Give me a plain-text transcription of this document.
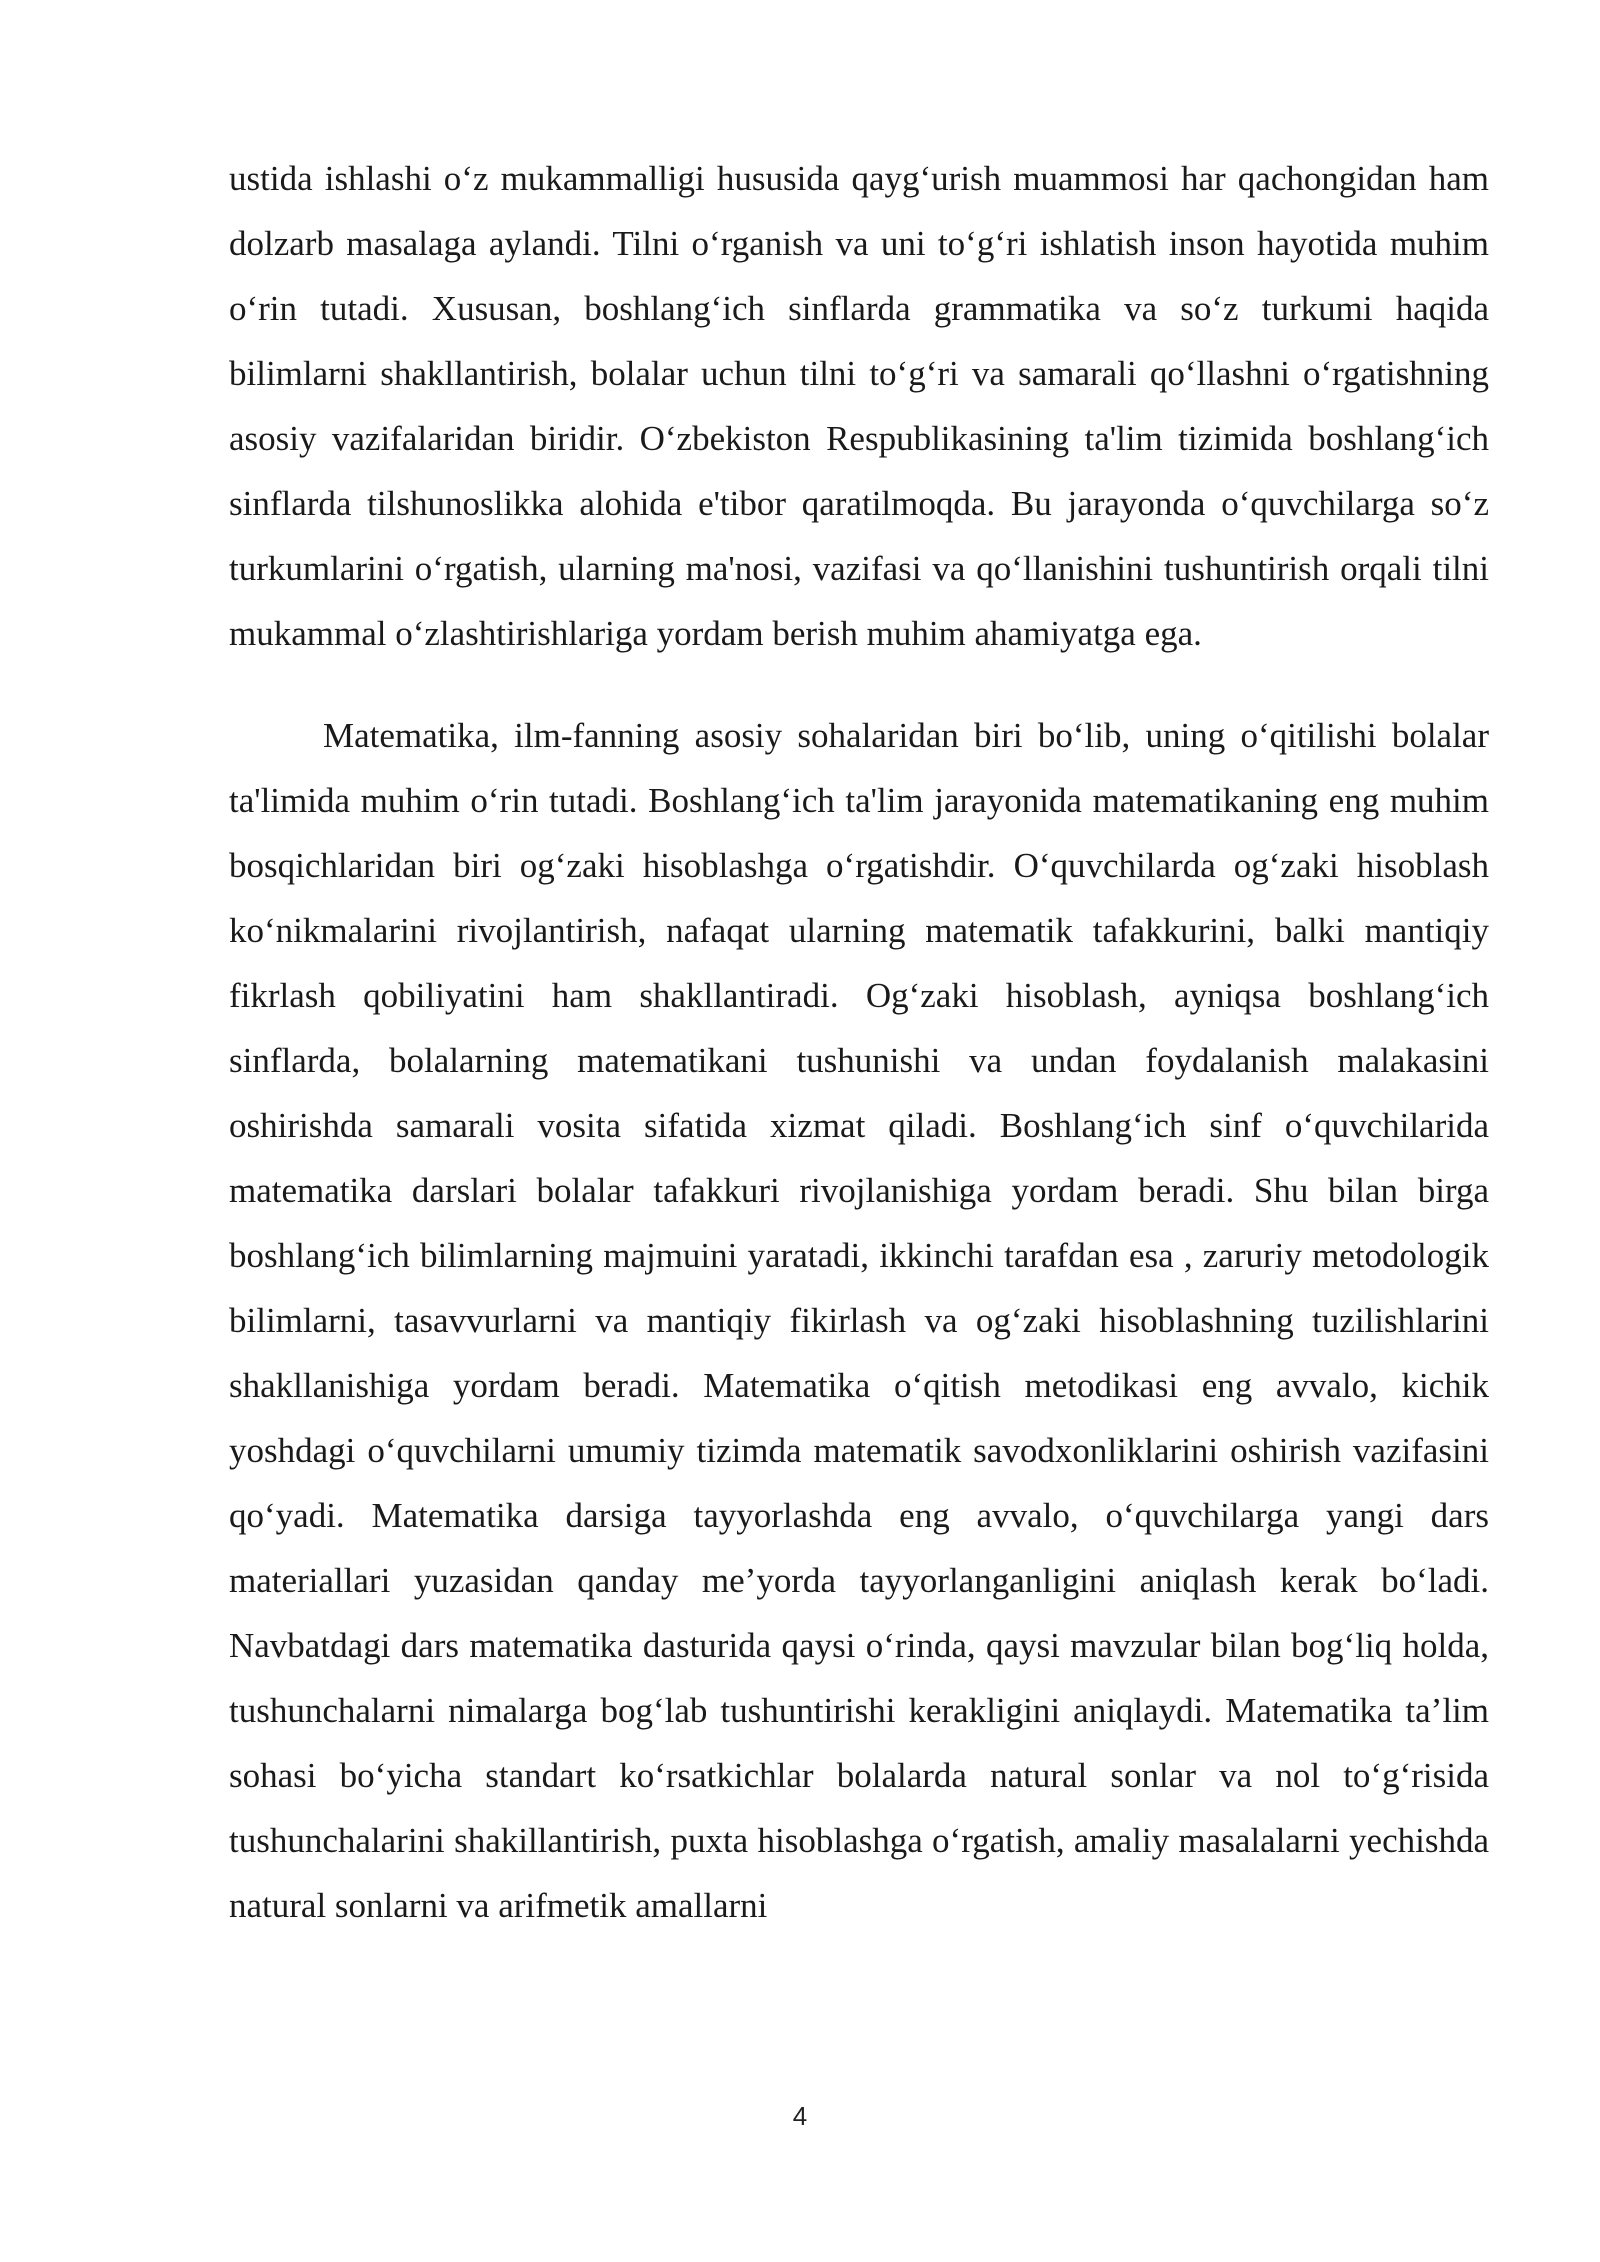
ustida ishlashi o‘z mukammalligi hususida qayg‘urish muammosi har qachongidan ham dolzarb masalaga aylandi. Tilni o‘rganish va uni to‘g‘ri ishlatish inson hayotida muhim o‘rin tutadi. Xususan, boshlang‘ich sinflarda grammatika va so‘z turkumi haqida bilimlarni shakllantirish, bolalar uchun tilni to‘g‘ri va samarali qo‘llashni o‘rgatishning asosiy vazifalaridan biridir. O‘zbekiston Respublikasining ta'lim tizimida boshlang‘ich sinflarda tilshunoslikka alohida e'tibor qaratilmoqda. Bu jarayonda o‘quvchilarga so‘z turkumlarini o‘rgatish, ularning ma'nosi, vazifasi va qo‘llanishini tushuntirish orqali tilni mukammal o‘zlashtirishlariga yordam berish muhim ahamiyatga ega.

Matematika, ilm-fanning asosiy sohalaridan biri bo‘lib, uning o‘qitilishi bolalar ta'limida muhim o‘rin tutadi. Boshlang‘ich ta'lim jarayonida matematikaning eng muhim bosqichlaridan biri og‘zaki hisoblashga o‘rgatishdir. O‘quvchilarda og‘zaki hisoblash ko‘nikmalarini rivojlantirish, nafaqat ularning matematik tafakkurini, balki mantiqiy fikrlash qobiliyatini ham shakllantiradi. Og‘zaki hisoblash, ayniqsa boshlang‘ich sinflarda, bolalarning matematikani tushunishi va undan foydalanish malakasini oshirishda samarali vosita sifatida xizmat qiladi. Boshlang‘ich sinf o‘quvchilarida matematika darslari bolalar tafakkuri rivojlanishiga yordam beradi. Shu bilan birga boshlang‘ich bilimlarning majmuini yaratadi, ikkinchi tarafdan esa , zaruriy metodologik bilimlarni, tasavvurlarni va mantiqiy fikirlash va og‘zaki hisoblashning tuzilishlarini shakllanishiga yordam beradi. Matematika o‘qitish metodikasi eng avvalo, kichik yoshdagi o‘quvchilarni umumiy tizimda matematik savodxonliklarini oshirish vazifasini qo‘yadi. Matematika darsiga tayyorlashda eng avvalo, o‘quvchilarga yangi dars materiallari yuzasidan qanday me’yorda tayyorlanganligini aniqlash kerak bo‘ladi. Navbatdagi dars matematika dasturida qaysi o‘rinda, qaysi mavzular bilan bog‘liq holda, tushunchalarni nimalarga bog‘lab tushuntirishi kerakligini aniqlaydi. Matematika ta’lim sohasi bo‘yicha standart ko‘rsatkichlar bolalarda natural sonlar va nol to‘g‘risida tushunchalarini shakillantirish, puxta hisoblashga o‘rgatish, amaliy masalalarni yechishda natural sonlarni va arifmetik amallarni

4
